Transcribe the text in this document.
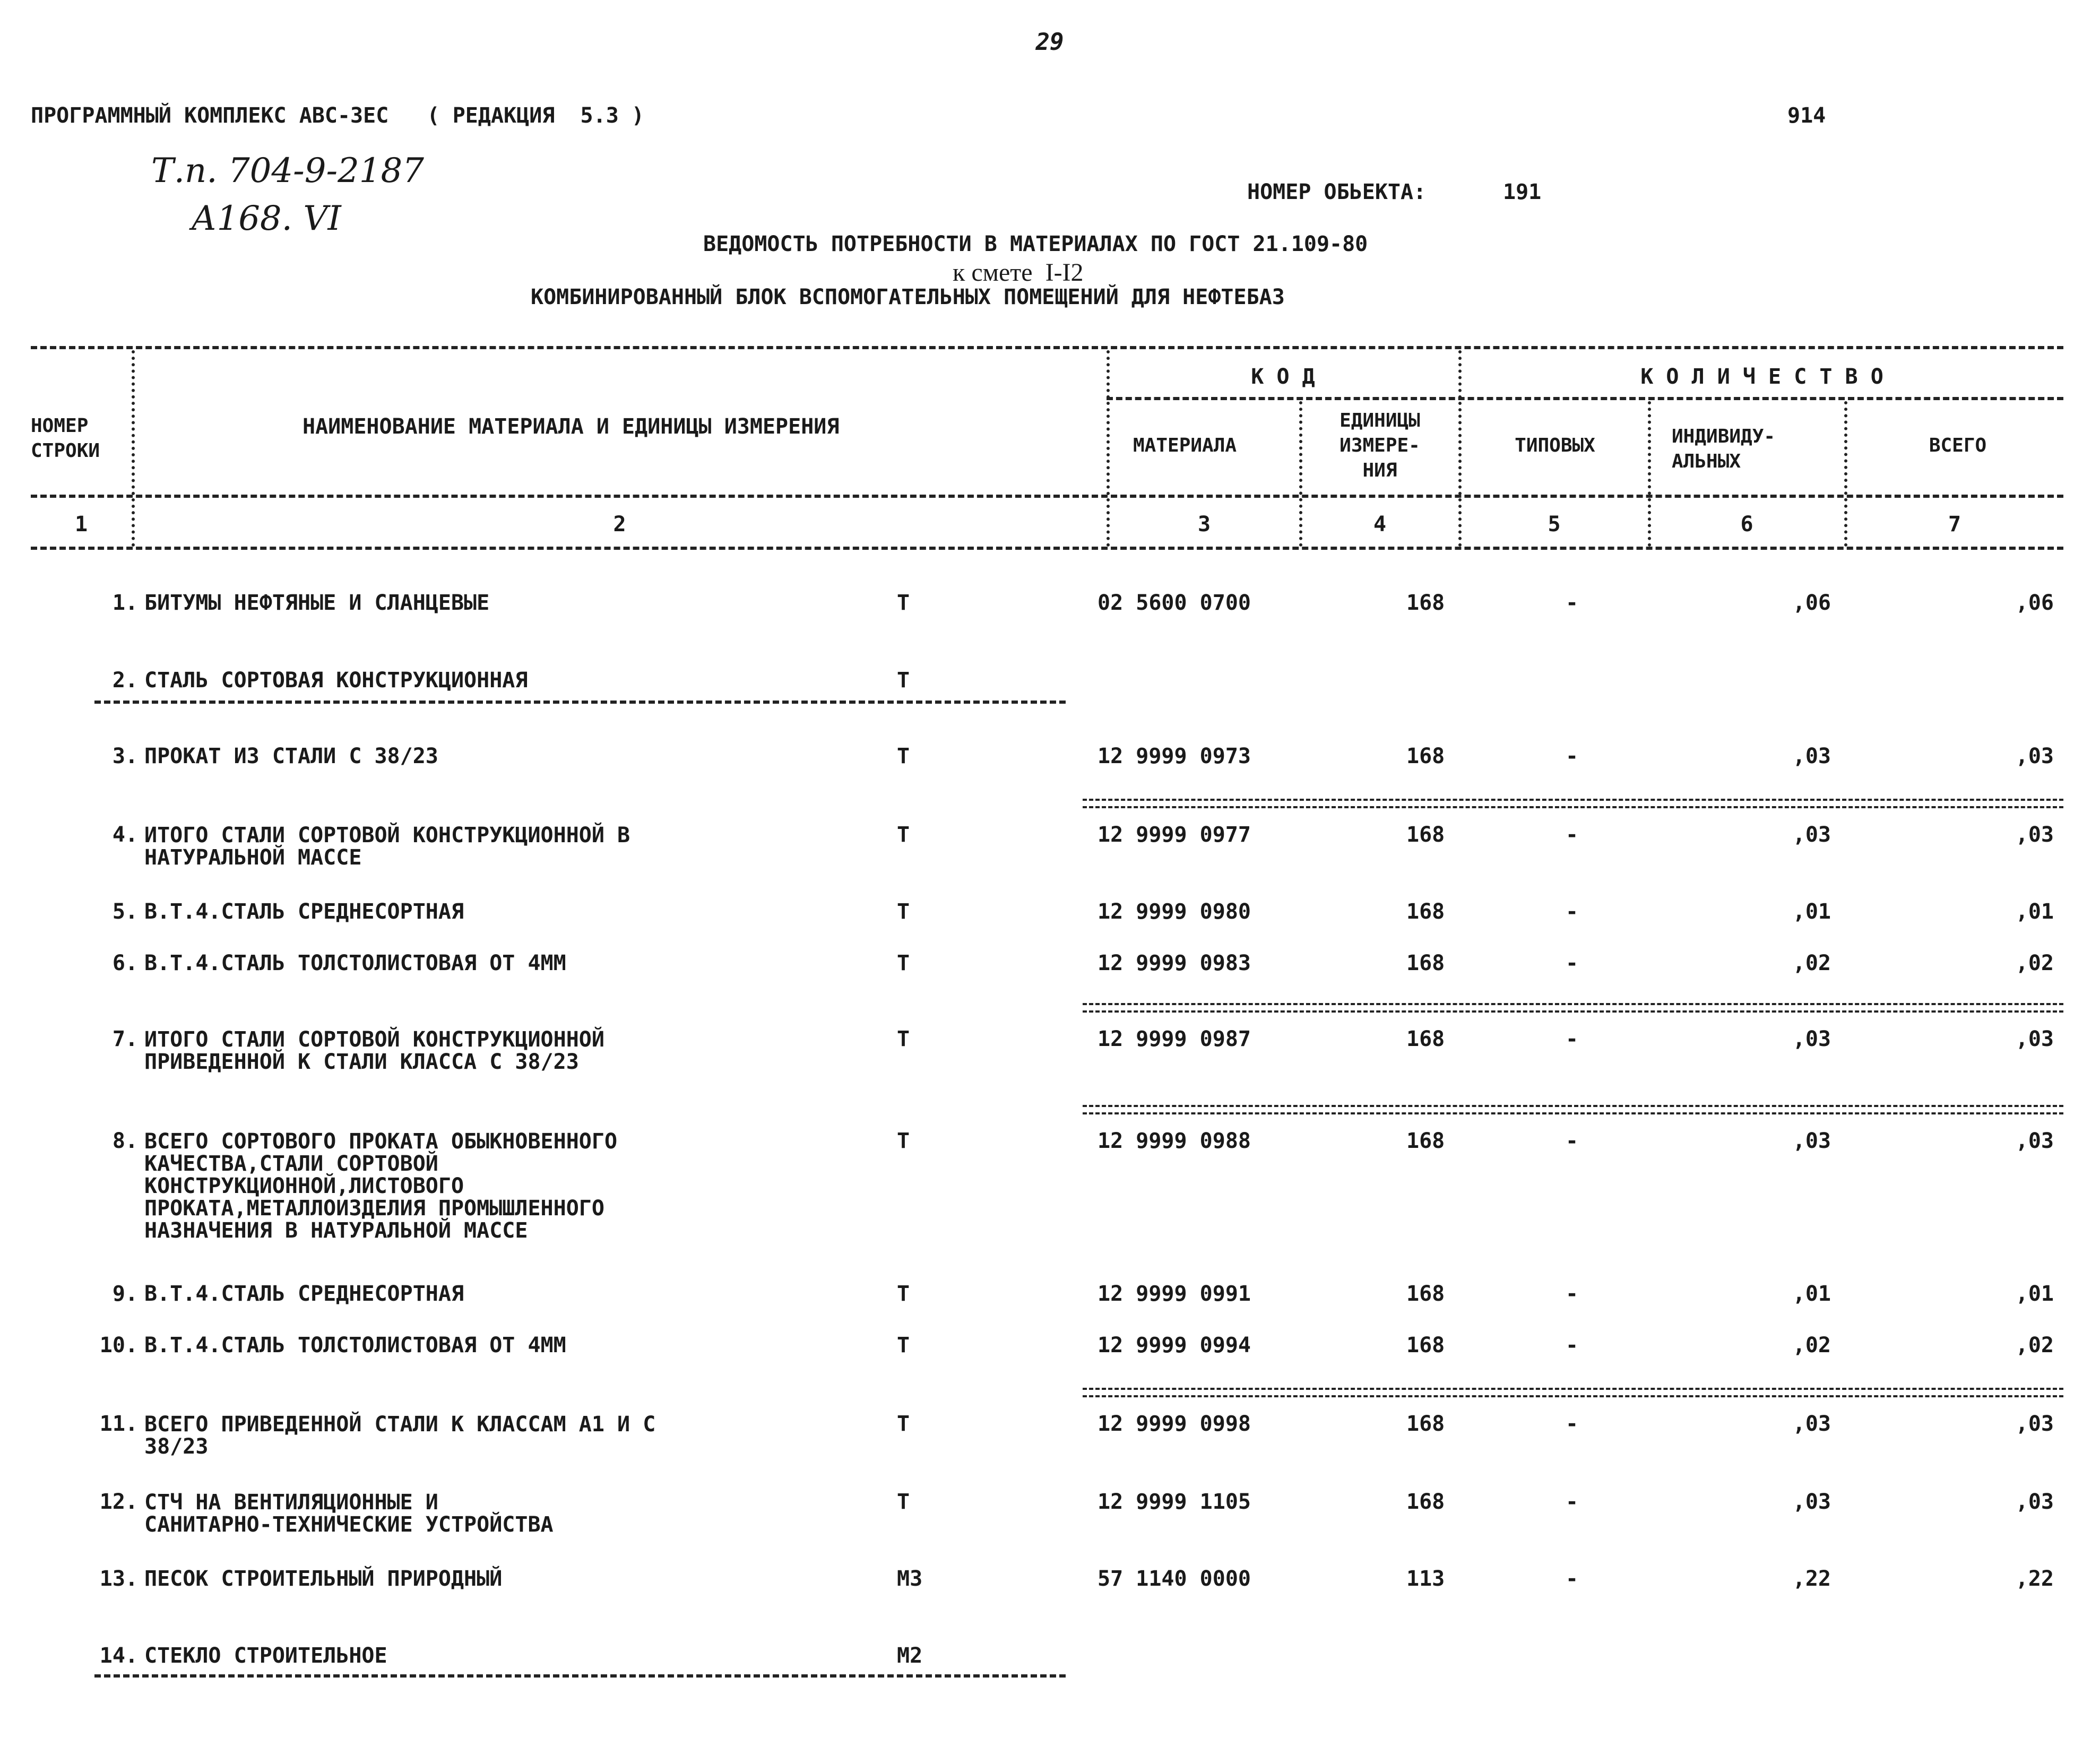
29
ПРОГРАММНЫЙ КОМПЛЕКС АВС-3ЕС   ( РЕДАКЦИЯ  5.3 )	914
Т.п. 704-9-2187
А168. VI
НОМЕР ОБЬЕКТА:	191
ВЕДОМОСТЬ ПОТРЕБНОСТИ В МАТЕРИАЛАХ ПО ГОСТ 21.109-80
к смете  I-I2
КОМБИНИРОВАННЫЙ БЛОК ВСПОМОГАТЕЛЬНЫХ ПОМЕЩЕНИЙ ДЛЯ НЕФТЕБАЗ
НОМЕР
СТРОКИ
НАИМЕНОВАНИЕ МАТЕРИАЛА И ЕДИНИЦЫ ИЗМЕРЕНИЯ
К О Д	К О Л И Ч Е С Т В О
МАТЕРИАЛА
ЕДИНИЦЫ
ИЗМЕРЕ-
НИЯ
ТИПОВЫХ	ИНДИВИДУ-
АЛЬНЫХ
ВСЕГО
1	2	3	4	5	6	7
1. БИТУМЫ НЕФТЯНЫЕ И СЛАНЦЕВЫЕ	Т	02 5600 0700	168	-	,06	,06
2. СТАЛЬ СОРТОВАЯ КОНСТРУКЦИОННАЯ	Т
3. ПРОКАТ ИЗ СТАЛИ С 38/23	Т	12 9999 0973	168	-	,03	,03
4. ИТОГО СТАЛИ СОРТОВОЙ КОНСТРУКЦИОННОЙ В
НАТУРАЛЬНОЙ МАССЕ
Т	12 9999 0977	168	-	,03	,03
5. В.Т.4.СТАЛЬ СРЕДНЕСОРТНАЯ	Т	12 9999 0980	168	-	,01	,01
6. В.Т.4.СТАЛЬ ТОЛСТОЛИСТОВАЯ ОТ 4ММ	Т	12 9999 0983	168	-	,02	,02
7. ИТОГО СТАЛИ СОРТОВОЙ КОНСТРУКЦИОННОЙ
ПРИВЕДЕННОЙ К СТАЛИ КЛАССА С 38/23
Т	12 9999 0987	168	-	,03	,03
8. ВСЕГО СОРТОВОГО ПРОКАТА ОБЫКНОВЕННОГО
КАЧЕСТВА,СТАЛИ СОРТОВОЙ
КОНСТРУКЦИОННОЙ,ЛИСТОВОГО
ПРОКАТА,МЕТАЛЛОИЗДЕЛИЯ ПРОМЫШЛЕННОГО
НАЗНАЧЕНИЯ В НАТУРАЛЬНОЙ МАССЕ
Т	12 9999 0988	168	-	,03	,03
9. В.Т.4.СТАЛЬ СРЕДНЕСОРТНАЯ	Т	12 9999 0991	168	-	,01	,01
10. В.Т.4.СТАЛЬ ТОЛСТОЛИСТОВАЯ ОТ 4ММ	Т	12 9999 0994	168	-	,02	,02
11. ВСЕГО ПРИВЕДЕННОЙ СТАЛИ К КЛАССАМ А1 И С
38/23
Т	12 9999 0998	168	-	,03	,03
12. СТЧ НА ВЕНТИЛЯЦИОННЫЕ И
САНИТАРНО-ТЕХНИЧЕСКИЕ УСТРОЙСТВА
Т	12 9999 1105	168	-	,03	,03
13. ПЕСОК СТРОИТЕЛЬНЫЙ ПРИРОДНЫЙ	М3	57 1140 0000	113	-	,22	,22
14. СТЕКЛО СТРОИТЕЛЬНОЕ	М2
